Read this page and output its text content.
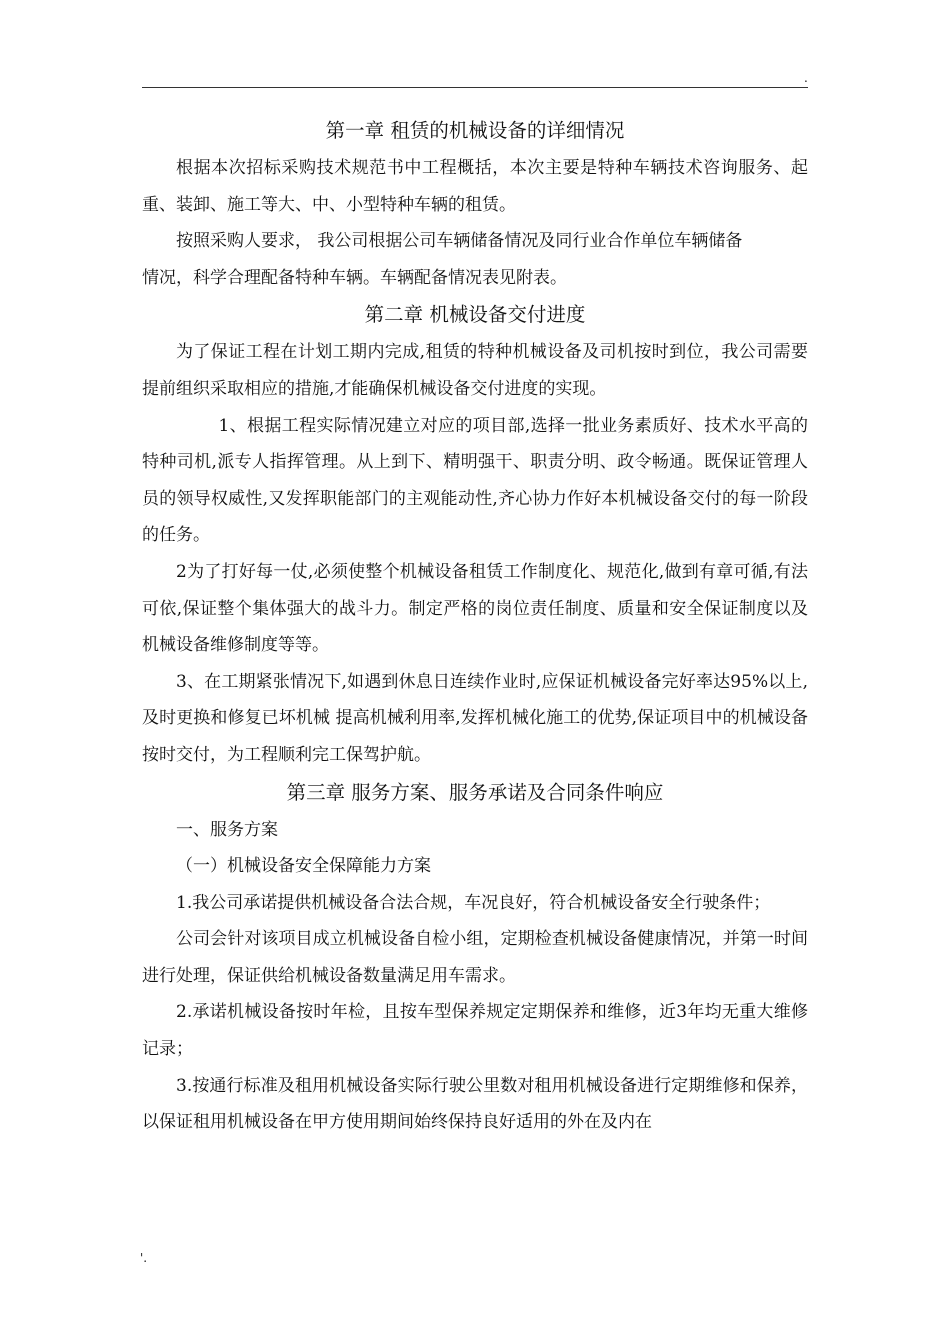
.
第一章 租赁的机械设备的详细情况

根据本次招标采购技术规范书中工程概括，本次主要是特种车辆技术咨询服务、起重、装卸、施工等大、中、小型特种车辆的租赁。

按照采购人要求， 我公司根据公司车辆储备情况及同行业合作单位车辆储备

情况，科学合理配备特种车辆。车辆配备情况表见附表。

第二章 机械设备交付进度

为了保证工程在计划工期内完成,租赁的特种机械设备及司机按时到位，我公司需要提前组织采取相应的措施,才能确保机械设备交付进度的实现。

1、根据工程实际情况建立对应的项目部,选择一批业务素质好、技术水平高的特种司机,派专人指挥管理。从上到下、精明强干、职责分明、政令畅通。既保证管理人员的领导权威性,又发挥职能部门的主观能动性,齐心协力作好本机械设备交付的每一阶段的任务。

2为了打好每一仗,必须使整个机械设备租赁工作制度化、规范化,做到有章可循,有法可依,保证整个集体强大的战斗力。制定严格的岗位责任制度、质量和安全保证制度以及机械设备维修制度等等。

3、在工期紧张情况下,如遇到休息日连续作业时,应保证机械设备完好率达95%以上,及时更换和修复已坏机械 提高机械利用率,发挥机械化施工的优势,保证项目中的机械设备按时交付，为工程顺利完工保驾护航。

第三章 服务方案、服务承诺及合同条件响应

一、服务方案

（一）机械设备安全保障能力方案

1.我公司承诺提供机械设备合法合规，车况良好，符合机械设备安全行驶条件；

公司会针对该项目成立机械设备自检小组，定期检查机械设备健康情况，并第一时间进行处理，保证供给机械设备数量满足用车需求。

2.承诺机械设备按时年检，且按车型保养规定定期保养和维修，近3年均无重大维修记录；

3.按通行标准及租用机械设备实际行驶公里数对租用机械设备进行定期维修和保养，以保证租用机械设备在甲方使用期间始终保持良好适用的外在及内在

'.
